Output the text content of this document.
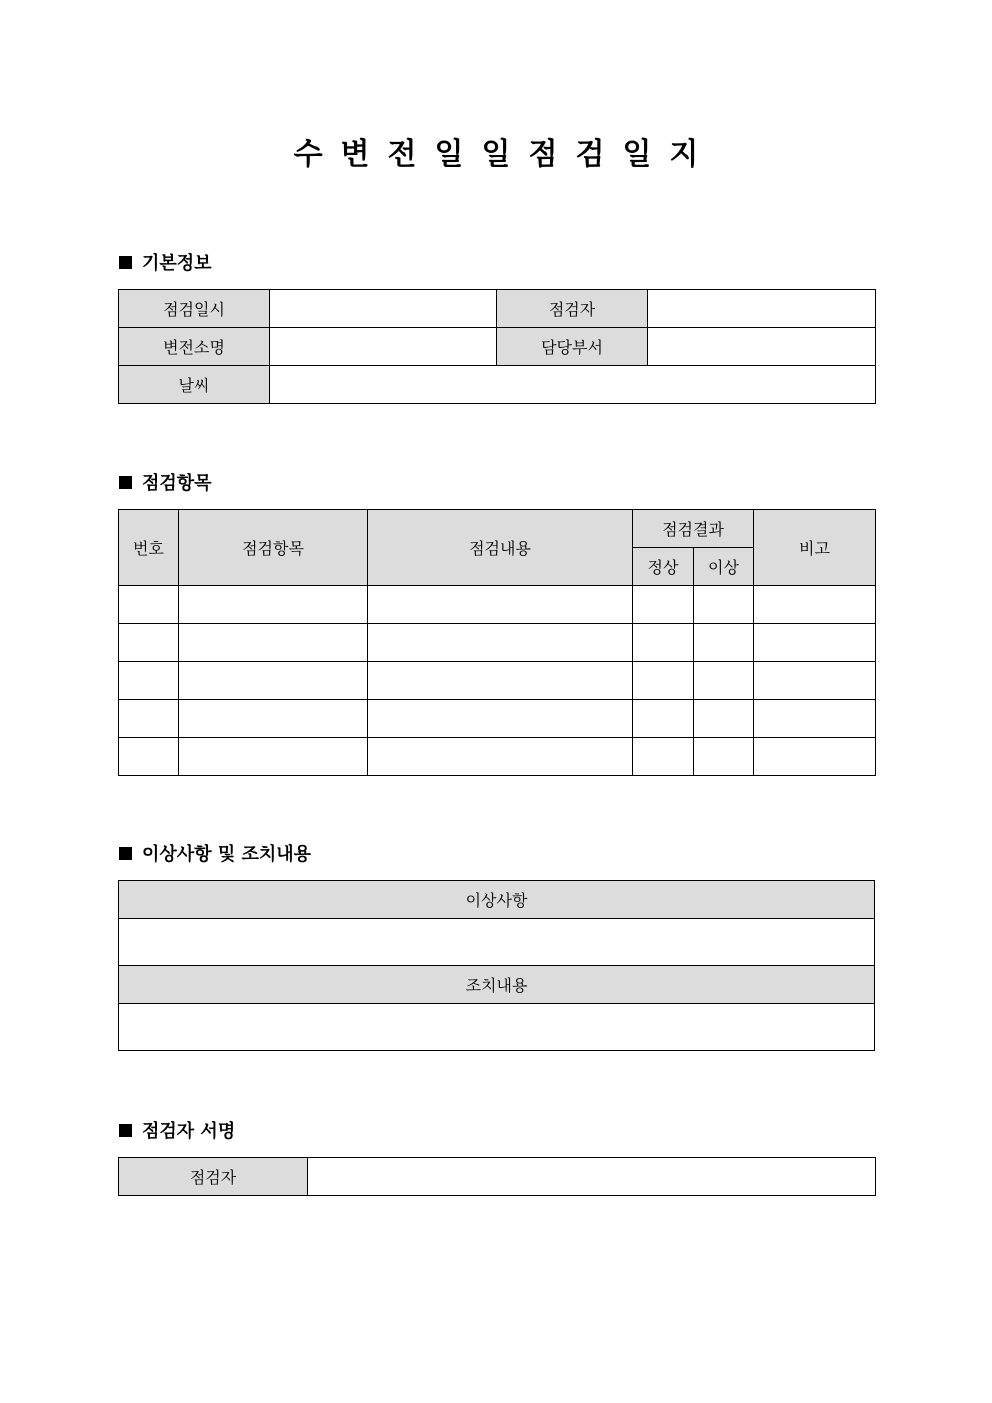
수변전일일점검일지
기본정보
점검일시		점검자	
변전소명		담당부서	
날씨			
점검항목
번호	점검항목	점검내용	점검결과		비고
			정상	이상	

이상사항 및 조치내용
이상사항

조치내용

점검자 서명
점검자	
